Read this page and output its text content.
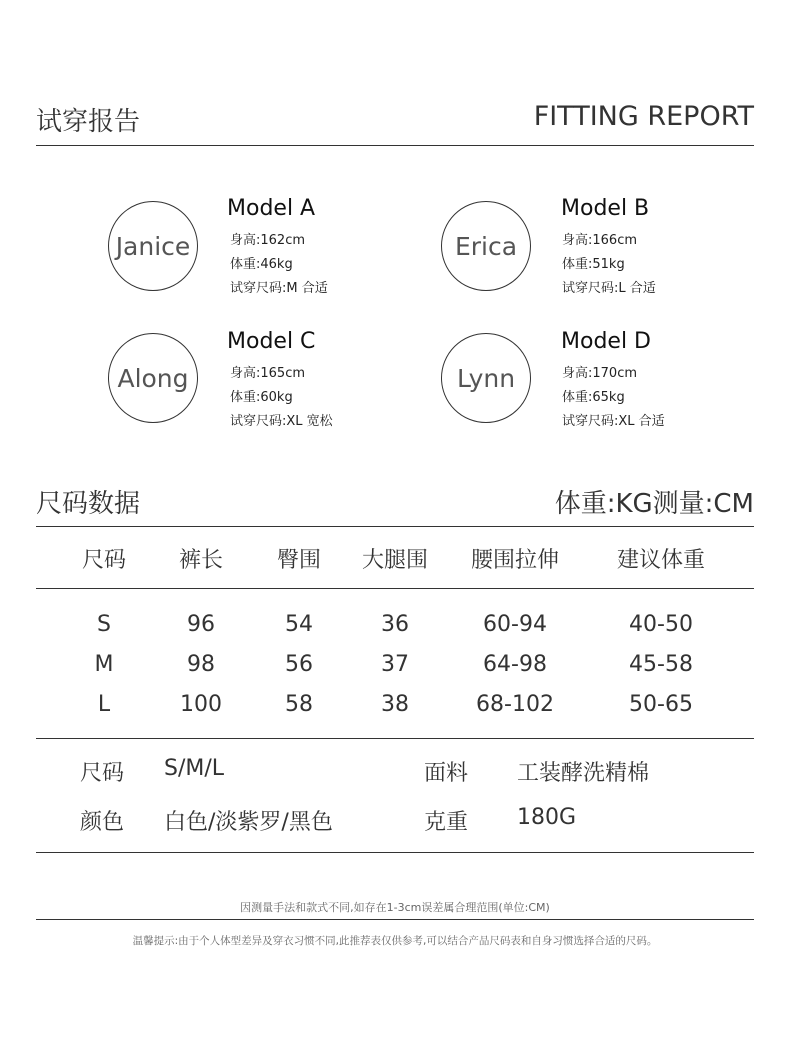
试穿报告	FITTING REPORT
Janice
Model A
身高:162cm
体重:46kg
试穿尺码:M 合适
Erica
Model B
身高:166cm
体重:51kg
试穿尺码:L 合适
Along
Model C
身高:165cm
体重:60kg
试穿尺码:XL 宽松
Lynn
Model D
身高:170cm
体重:65kg
试穿尺码:XL 合适
尺码数据	体重:KG测量:CM
尺码	裤长	臀围	大腿围	腰围拉伸	建议体重
S	96	54	36	60-94	40-50
M	98	56	37	64-98	45-58
L	100	58	38	68-102	50-65
尺码 S/M/L	面料 工装酵洗精棉
颜色 白色/淡紫罗/黑色	克重 180G
因测量手法和款式不同,如存在1-3cm误差属合理范围(单位:CM)
温馨提示:由于个人体型差异及穿衣习惯不同,此推荐表仅供参考,可以结合产品尺码表和自身习惯选择合适的尺码。
